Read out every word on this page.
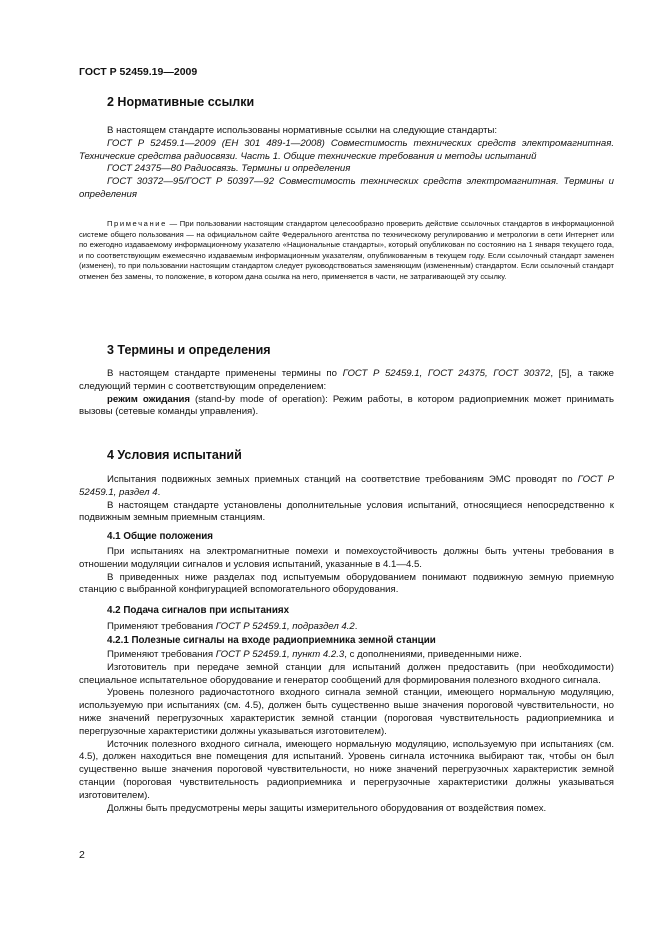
ГОСТ Р 52459.19—2009
2 Нормативные ссылки

В настоящем стандарте использованы нормативные ссылки на следующие стандарты:

ГОСТ Р 52459.1—2009 (ЕН 301 489-1—2008) Совместимость технических средств электромагнитная. Технические средства радиосвязи. Часть 1. Общие технические требования и методы испытаний

ГОСТ 24375—80 Радиосвязь. Термины и определения

ГОСТ 30372—95/ГОСТ Р 50397—92 Совместимость технических средств электромагнитная. Термины и определения

Примечание — При пользовании настоящим стандартом целесообразно проверить действие ссылочных стандартов в информационной системе общего пользования — на официальном сайте Федерального агентства по техническому регулированию и метрологии в сети Интернет или по ежегодно издаваемому информационному указателю «Национальные стандарты», который опубликован по состоянию на 1 января текущего года, и по соответствующим ежемесячно издаваемым информационным указателям, опубликованным в текущем году. Если ссылочный стандарт заменен (изменен), то при пользовании настоящим стандартом следует руководствоваться заменяющим (измененным) стандартом. Если ссылочный стандарт отменен без замены, то положение, в котором дана ссылка на него, применяется в части, не затрагивающей эту ссылку.

3 Термины и определения

В настоящем стандарте применены термины по ГОСТ Р 52459.1, ГОСТ 24375, ГОСТ 30372, [5], а также следующий термин с соответствующим определением:

режим ожидания (stand-by mode of operation): Режим работы, в котором радиоприемник может принимать вызовы (сетевые команды управления).

4 Условия испытаний

Испытания подвижных земных приемных станций на соответствие требованиям ЭМС проводят по ГОСТ Р 52459.1, раздел 4.

В настоящем стандарте установлены дополнительные условия испытаний, относящиеся непосредственно к подвижным земным приемным станциям.

4.1 Общие положения

При испытаниях на электромагнитные помехи и помехоустойчивость должны быть учтены требования в отношении модуляции сигналов и условия испытаний, указанные в 4.1—4.5.

В приведенных ниже разделах под испытуемым оборудованием понимают подвижную земную приемную станцию с выбранной конфигурацией вспомогательного оборудования.

4.2 Подача сигналов при испытаниях

Применяют требования ГОСТ Р 52459.1, подраздел 4.2.

4.2.1 Полезные сигналы на входе радиоприемника земной станции

Применяют требования ГОСТ Р 52459.1, пункт 4.2.3, с дополнениями, приведенными ниже.

Изготовитель при передаче земной станции для испытаний должен предоставить (при необходимости) специальное испытательное оборудование и генератор сообщений для формирования полезного входного сигнала.

Уровень полезного радиочастотного входного сигнала земной станции, имеющего нормальную модуляцию, используемую при испытаниях (см. 4.5), должен быть существенно выше значения пороговой чувствительности, но ниже значений перегрузочных характеристик земной станции (пороговая чувствительность радиоприемника и перегрузочные характеристики должны указываться изготовителем).

Источник полезного входного сигнала, имеющего нормальную модуляцию, используемую при испытаниях (см. 4.5), должен находиться вне помещения для испытаний. Уровень сигнала источника выбирают так, чтобы он был существенно выше значения пороговой чувствительности, но ниже значений перегрузочных характеристик земной станции (пороговая чувствительность радиоприемника и перегрузочные характеристики должны указываться изготовителем).

Должны быть предусмотрены меры защиты измерительного оборудования от воздействия помех.

2
